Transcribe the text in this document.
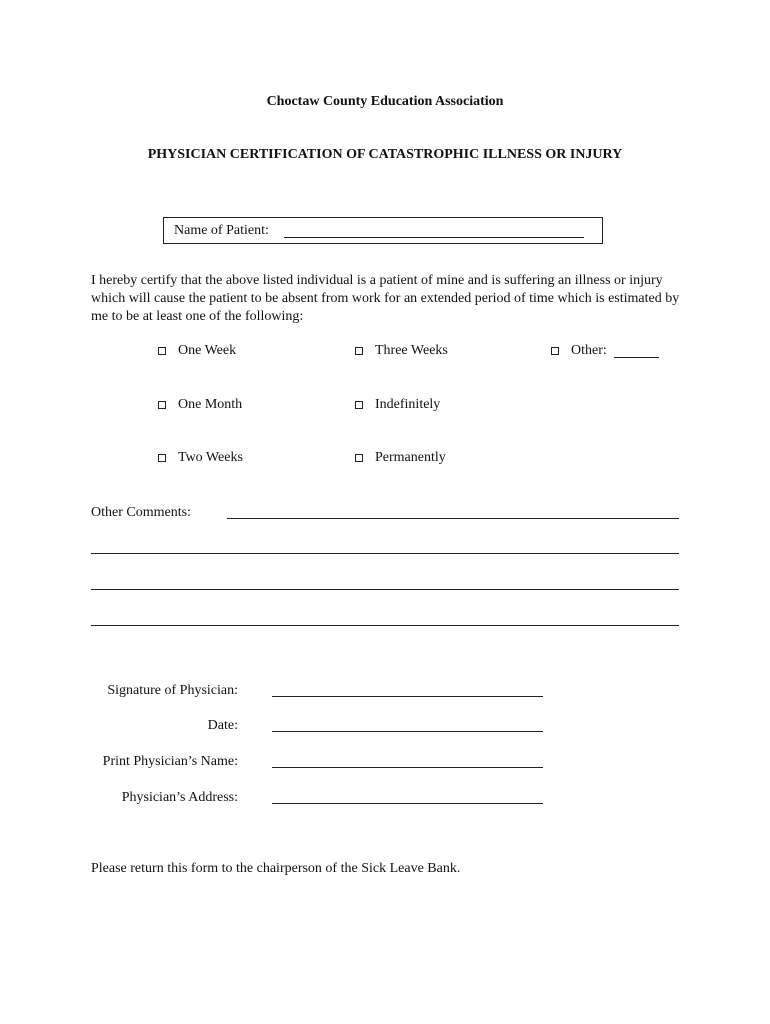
Choctaw County Education Association
PHYSICIAN CERTIFICATION OF CATASTROPHIC ILLNESS OR INJURY
Name of Patient:
I hereby certify that the above listed individual is a patient of mine and is suffering an illness or injury which will cause the patient to be absent from work for an extended period of time which is estimated by me to be at least one of the following:
One Week	Three Weeks	Other:
One Month	Indefinitely
Two Weeks	Permanently
Other Comments:
Signature of Physician:
Date:
Print Physician’s Name:
Physician’s Address:
Please return this form to the chairperson of the Sick Leave Bank.
